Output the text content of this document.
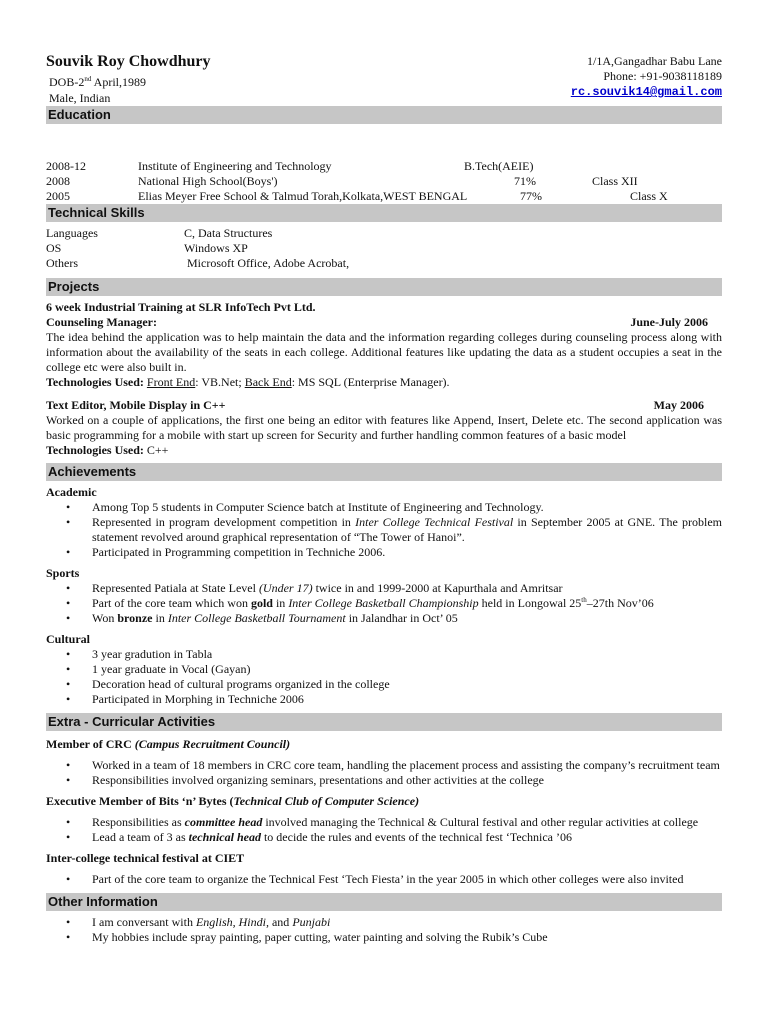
Souvik Roy Chowdhury
DOB-2nd April,1989
Male, Indian
1/1A,Gangadhar Babu Lane
Phone: +91-9038118189
rc.souvik14@gmail.com
Education
2008-12	Institute of Engineering and Technology	B.Tech(AEIE)
2008	National High School(Boys')	71%	Class XII
2005	Elias Meyer Free School & Talmud Torah,Kolkata,WEST BENGAL	77%	Class X
Technical Skills
Languages	C, Data Structures
OS	Windows XP
Others	Microsoft Office, Adobe Acrobat,
Projects
6 week Industrial Training at SLR InfoTech Pvt Ltd.
Counseling Manager:	June-July 2006

The idea behind the application was to help maintain the data and the information regarding colleges during counseling process along with information about the availability of the seats in each college. Additional features like updating the data as a student occupies a seat in the college etc were also built in.

Technologies Used: Front End: VB.Net; Back End: MS SQL (Enterprise Manager).
Text Editor, Mobile Display in C++	May 2006

Worked on a couple of applications, the first one being an editor with features like Append, Insert, Delete etc. The second application was basic programming for a mobile with start up screen for Security and further handling common features of a basic model

Technologies Used: C++
Achievements
Academic
• Among Top 5 students in Computer Science batch at Institute of Engineering and Technology.
• Represented in program development competition in Inter College Technical Festival in September 2005 at GNE. The problem statement revolved around graphical representation of “The Tower of Hanoi”.
• Participated in Programming competition in Techniche 2006.
Sports
• Represented Patiala at State Level (Under 17) twice in and 1999-2000 at Kapurthala and Amritsar
• Part of the core team which won gold in Inter College Basketball Championship held in Longowal 25th–27th Nov’06
• Won bronze in Inter College Basketball Tournament in Jalandhar in Oct’ 05
Cultural
• 3 year gradution in Tabla
• 1 year graduate in Vocal (Gayan)
• Decoration head of cultural programs organized in the college
• Participated in Morphing in Techniche 2006
Extra - Curricular Activities
Member of CRC (Campus Recruitment Council)
• Worked in a team of 18 members in CRC core team, handling the placement process and assisting the company’s recruitment team
• Responsibilities involved organizing seminars, presentations and other activities at the college
Executive Member of Bits ‘n’ Bytes (Technical Club of Computer Science)
• Responsibilities as committee head involved managing the Technical & Cultural festival and other regular activities at college
• Lead a team of 3 as technical head to decide the rules and events of the technical fest ‘Technica ’06
Inter-college technical festival at CIET
• Part of the core team to organize the Technical Fest ‘Tech Fiesta’ in the year 2005 in which other colleges were also invited
Other Information
• I am conversant with English, Hindi, and Punjabi
• My hobbies include spray painting, paper cutting, water painting and solving the Rubik’s Cube
